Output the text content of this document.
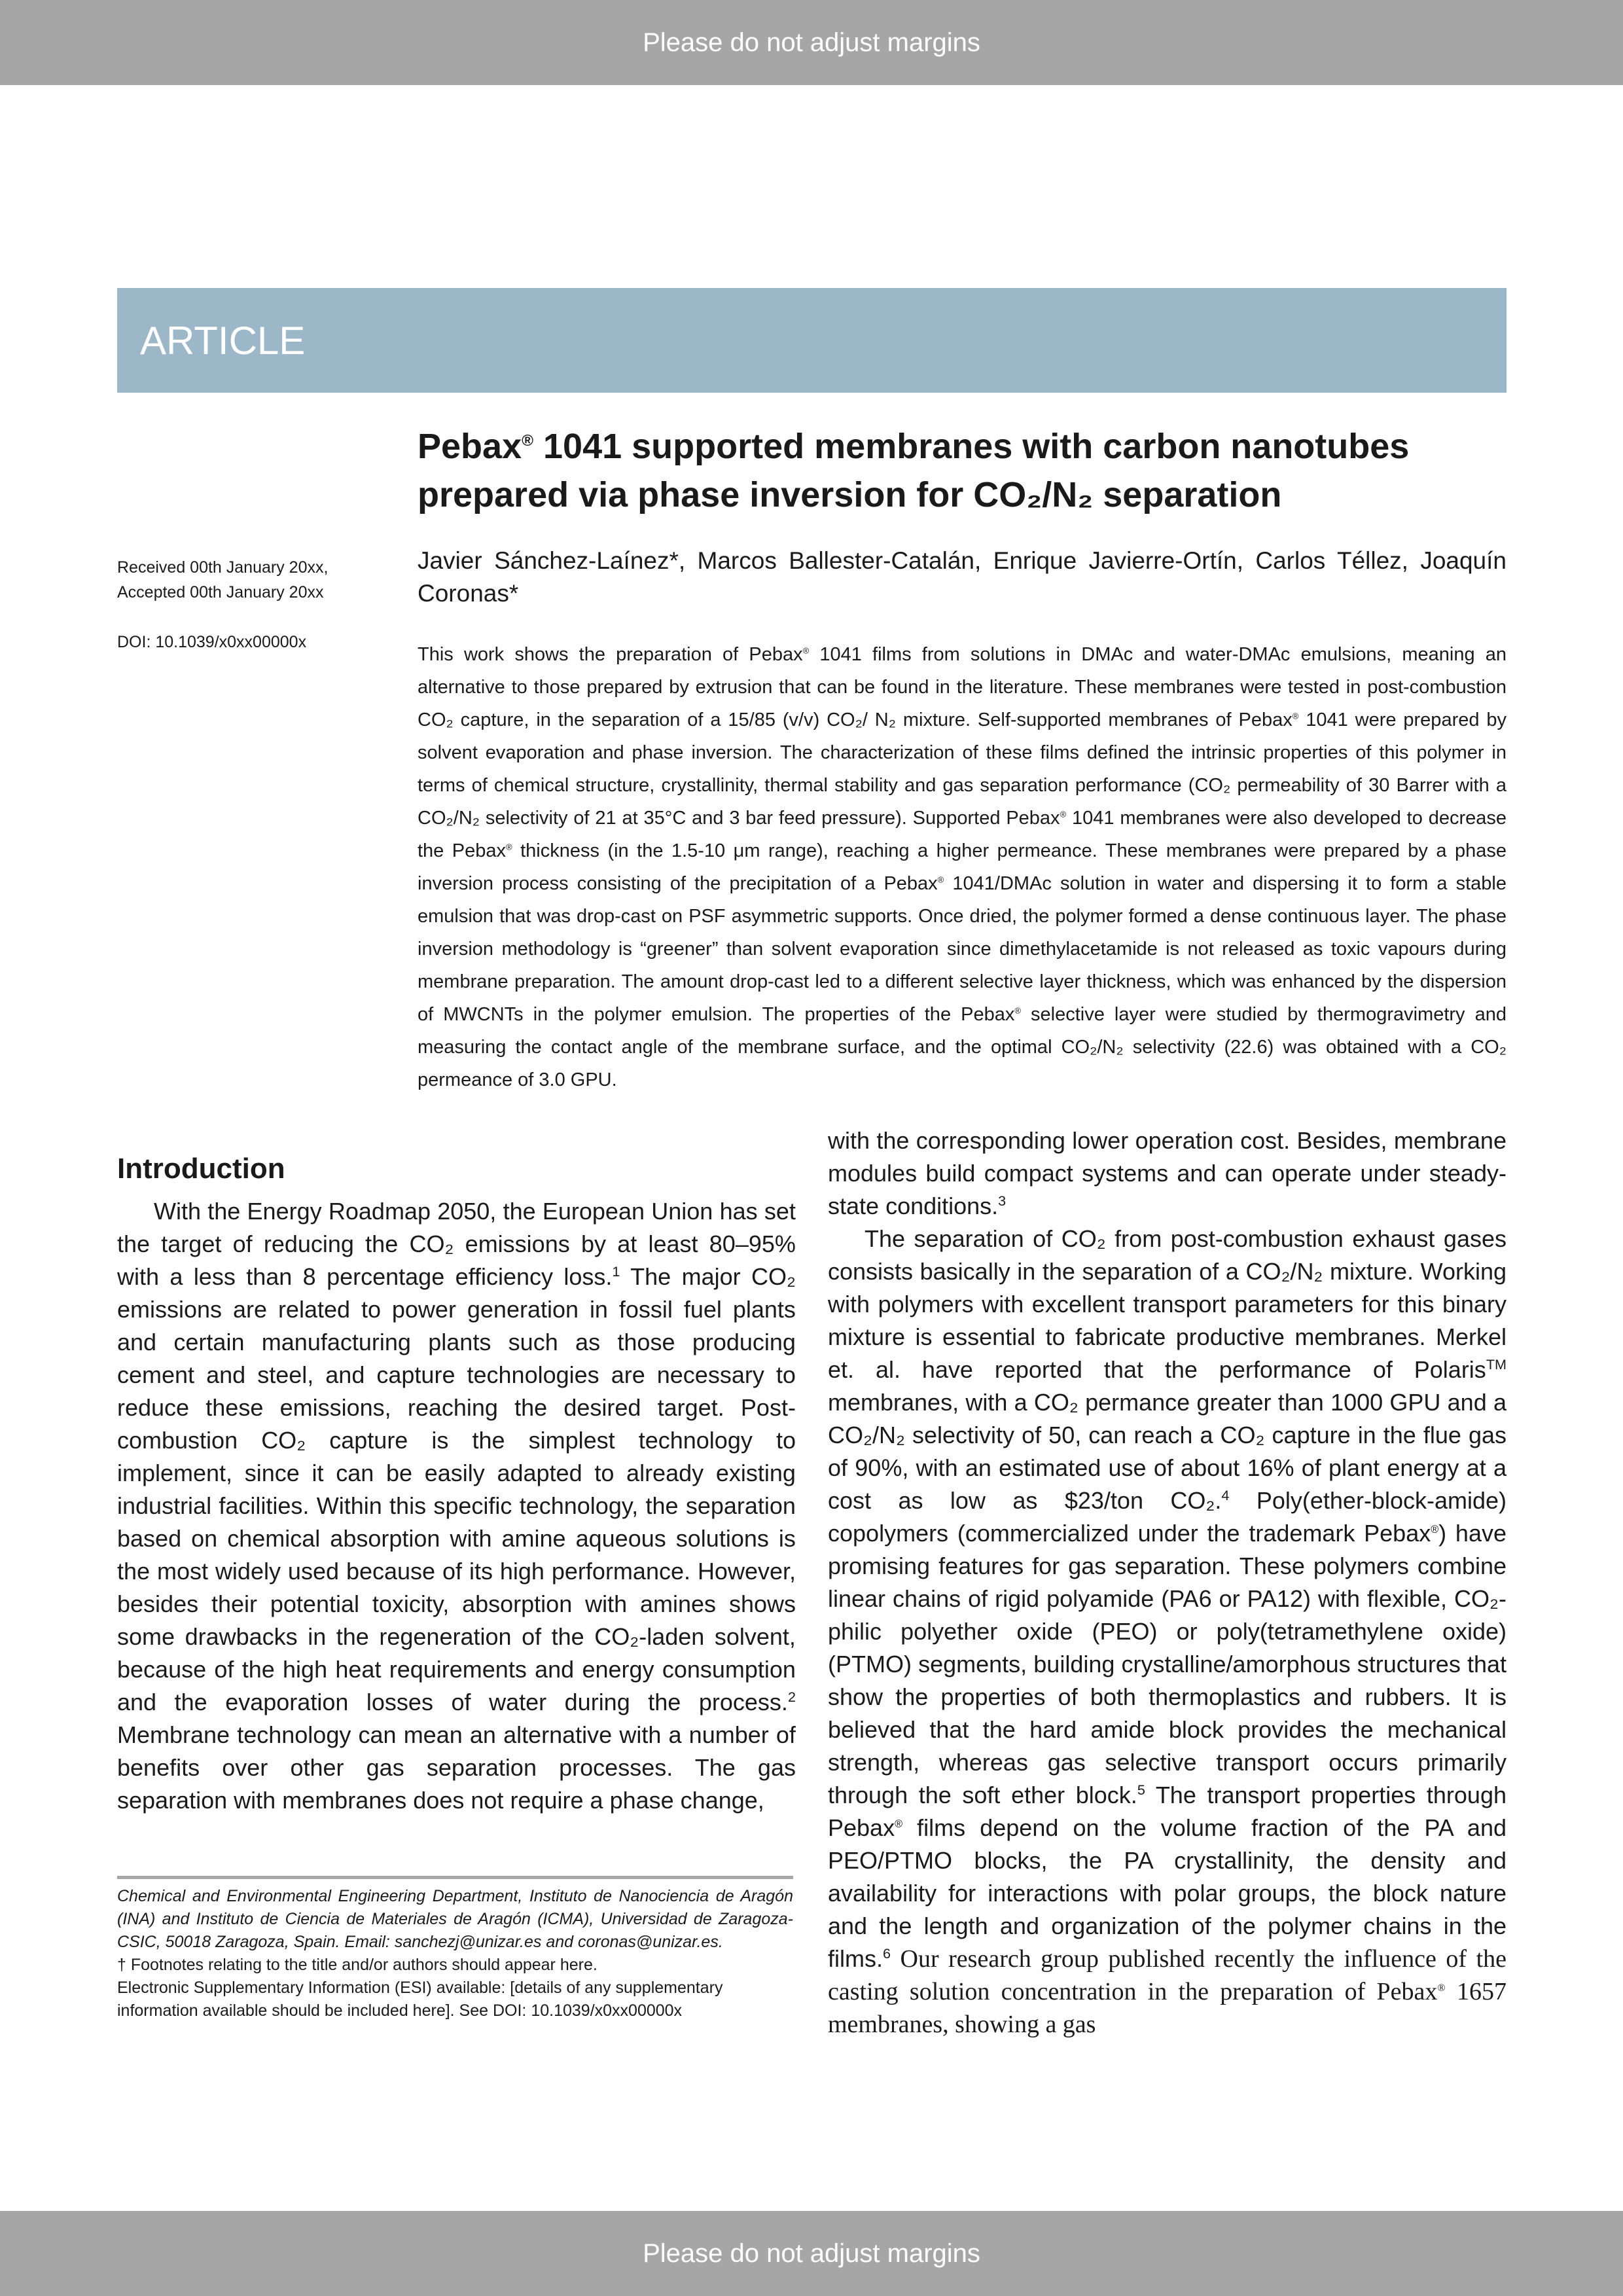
Please do not adjust margins
ARTICLE
Pebax® 1041 supported membranes with carbon nanotubes
prepared via phase inversion for CO₂/N₂ separation
Javier Sánchez-Laínez*, Marcos Ballester-Catalán, Enrique Javierre-Ortín, Carlos Téllez, Joaquín Coronas*
Received 00th January 20xx,
Accepted 00th January 20xx
DOI: 10.1039/x0xx00000x
This work shows the preparation of Pebax® 1041 films from solutions in DMAc and water-DMAc emulsions, meaning an alternative to those prepared by extrusion that can be found in the literature. These membranes were tested in post-combustion CO₂ capture, in the separation of a 15/85 (v/v) CO₂/ N₂ mixture. Self-supported membranes of Pebax® 1041 were prepared by solvent evaporation and phase inversion. The characterization of these films defined the intrinsic properties of this polymer in terms of chemical structure, crystallinity, thermal stability and gas separation performance (CO₂ permeability of 30 Barrer with a CO₂/N₂ selectivity of 21 at 35°C and 3 bar feed pressure). Supported Pebax® 1041 membranes were also developed to decrease the Pebax® thickness (in the 1.5-10 μm range), reaching a higher permeance. These membranes were prepared by a phase inversion process consisting of the precipitation of a Pebax® 1041/DMAc solution in water and dispersing it to form a stable emulsion that was drop-cast on PSF asymmetric supports. Once dried, the polymer formed a dense continuous layer. The phase inversion methodology is “greener” than solvent evaporation since dimethylacetamide is not released as toxic vapours during membrane preparation. The amount drop-cast led to a different selective layer thickness, which was enhanced by the dispersion of MWCNTs in the polymer emulsion. The properties of the Pebax® selective layer were studied by thermogravimetry and measuring the contact angle of the membrane surface, and the optimal CO₂/N₂ selectivity (22.6) was obtained with a CO₂ permeance of 3.0 GPU.
Introduction

With the Energy Roadmap 2050, the European Union has set the target of reducing the CO₂ emissions by at least 80–95% with a less than 8 percentage efficiency loss.$^1$ The major CO₂ emissions are related to power generation in fossil fuel plants and certain manufacturing plants such as those producing cement and steel, and capture technologies are necessary to reduce these emissions, reaching the desired target. Post-combustion CO₂ capture is the simplest technology to implement, since it can be easily adapted to already existing industrial facilities. Within this specific technology, the separation based on chemical absorption with amine aqueous solutions is the most widely used because of its high performance. However, besides their potential toxicity, absorption with amines shows some drawbacks in the regeneration of the CO₂-laden solvent, because of the high heat requirements and energy consumption and the evaporation losses of water during the process.$^2$ Membrane technology can mean an alternative with a number of benefits over other gas separation processes. The gas separation with membranes does not require a phase change,

with the corresponding lower operation cost. Besides, membrane modules build compact systems and can operate under steady-state conditions.$^3$

The separation of CO₂ from post-combustion exhaust gases consists basically in the separation of a CO₂/N₂ mixture. Working with polymers with excellent transport parameters for this binary mixture is essential to fabricate productive membranes. Merkel et. al. have reported that the performance of Polaris™ membranes, with a CO₂ permance greater than 1000 GPU and a CO₂/N₂ selectivity of 50, can reach a CO₂ capture in the flue gas of 90%, with an estimated use of about 16% of plant energy at a cost as low as $23/ton CO₂.$^4$ Poly(ether-block-amide) copolymers (commercialized under the trademark Pebax®) have promising features for gas separation. These polymers combine linear chains of rigid polyamide (PA6 or PA12) with flexible, CO₂-philic polyether oxide (PEO) or poly(tetramethylene oxide) (PTMO) segments, building crystalline/amorphous structures that show the properties of both thermoplastics and rubbers. It is believed that the hard amide block provides the mechanical strength, whereas gas selective transport occurs primarily through the soft ether block.$^5$ The transport properties through Pebax® films depend on the volume fraction of the PA and PEO/PTMO blocks, the PA crystallinity, the density and availability for interactions with polar groups, the block nature and the length and organization of the polymer chains in the films.$^6$ Our research group published recently the influence of the casting solution concentration in the preparation of Pebax® 1657 membranes, showing a gas

Chemical and Environmental Engineering Department, Instituto de Nanociencia de Aragón (INA) and Instituto de Ciencia de Materiales de Aragón (ICMA), Universidad de Zaragoza-CSIC, 50018 Zaragoza, Spain. Email: sanchezj@unizar.es and coronas@unizar.es.

† Footnotes relating to the title and/or authors should appear here.

Electronic Supplementary Information (ESI) available: [details of any supplementary information available should be included here]. See DOI: 10.1039/x0xx00000x

Please do not adjust margins
